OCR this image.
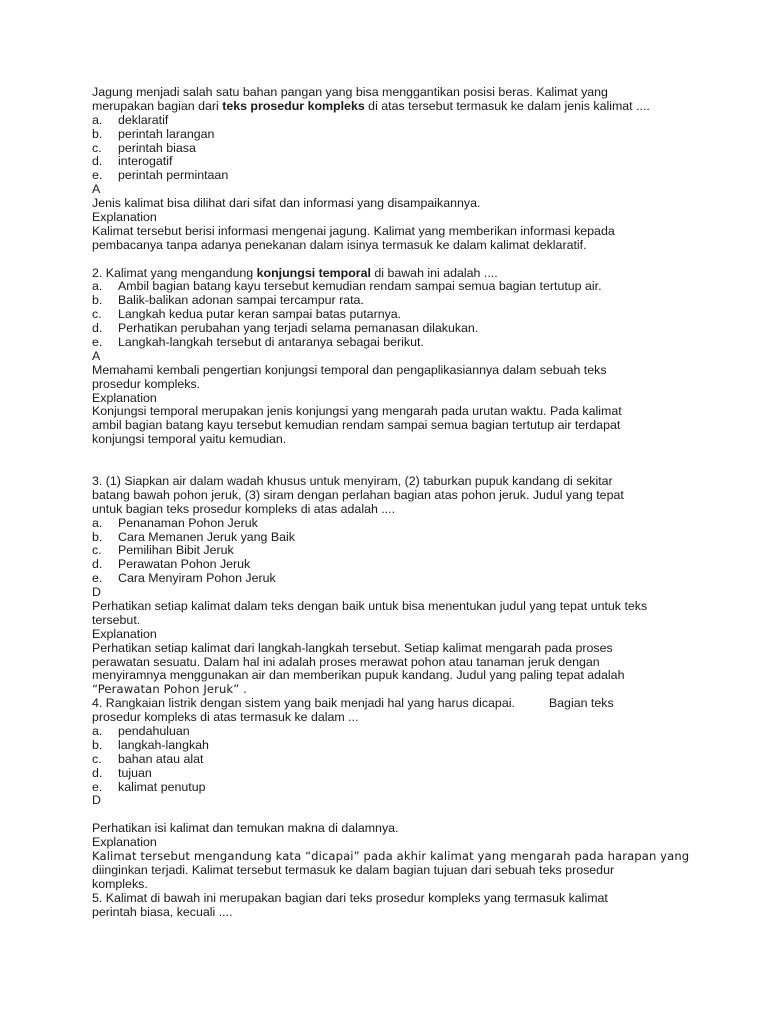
Jagung menjadi salah satu bahan pangan yang bisa menggantikan posisi beras. Kalimat yang
merupakan bagian dari teks prosedur kompleks di atas tersebut termasuk ke dalam jenis kalimat ....
a. deklaratif
b. perintah larangan
c. perintah biasa
d. interogatif
e. perintah permintaan
A
Jenis kalimat bisa dilihat dari sifat dan informasi yang disampaikannya.
Explanation
Kalimat tersebut berisi informasi mengenai jagung. Kalimat yang memberikan informasi kepada
pembacanya tanpa adanya penekanan dalam isinya termasuk ke dalam kalimat deklaratif.
2. Kalimat yang mengandung konjungsi temporal di bawah ini adalah ....
a. Ambil bagian batang kayu tersebut kemudian rendam sampai semua bagian tertutup air.
b. Balik-balikan adonan sampai tercampur rata.
c. Langkah kedua putar keran sampai batas putarnya.
d. Perhatikan perubahan yang terjadi selama pemanasan dilakukan.
e. Langkah-langkah tersebut di antaranya sebagai berikut.
A
Memahami kembali pengertian konjungsi temporal dan pengaplikasiannya dalam sebuah teks
prosedur kompleks.
Explanation
Konjungsi temporal merupakan jenis konjungsi yang mengarah pada urutan waktu. Pada kalimat
ambil bagian batang kayu tersebut kemudian rendam sampai semua bagian tertutup air terdapat
konjungsi temporal yaitu kemudian.
3. (1) Siapkan air dalam wadah khusus untuk menyiram, (2) taburkan pupuk kandang di sekitar
batang bawah pohon jeruk, (3) siram dengan perlahan bagian atas pohon jeruk. Judul yang tepat
untuk bagian teks prosedur kompleks di atas adalah ....
a. Penanaman Pohon Jeruk
b. Cara Memanen Jeruk yang Baik
c. Pemilihan Bibit Jeruk
d. Perawatan Pohon Jeruk
e. Cara Menyiram Pohon Jeruk
D
Perhatikan setiap kalimat dalam teks dengan baik untuk bisa menentukan judul yang tepat untuk teks
tersebut.
Explanation
Perhatikan setiap kalimat dari langkah-langkah tersebut. Setiap kalimat mengarah pada proses
perawatan sesuatu. Dalam hal ini adalah proses merawat pohon atau tanaman jeruk dengan
menyiramnya menggunakan air dan memberikan pupuk kandang. Judul yang paling tepat adalah
“Perawatan Pohon Jeruk” .
4. Rangkaian listrik dengan sistem yang baik menjadi hal yang harus dicapai.	Bagian teks
prosedur kompleks di atas termasuk ke dalam ...
a. pendahuluan
b. langkah-langkah
c. bahan atau alat
d. tujuan
e. kalimat penutup
D
Perhatikan isi kalimat dan temukan makna di dalamnya.
Explanation
Kalimat tersebut mengandung kata “dicapai” pada akhir kalimat yang mengarah pada harapan yang
diinginkan terjadi. Kalimat tersebut termasuk ke dalam bagian tujuan dari sebuah teks prosedur
kompleks.
5. Kalimat di bawah ini merupakan bagian dari teks prosedur kompleks yang termasuk kalimat
perintah biasa, kecuali ....
